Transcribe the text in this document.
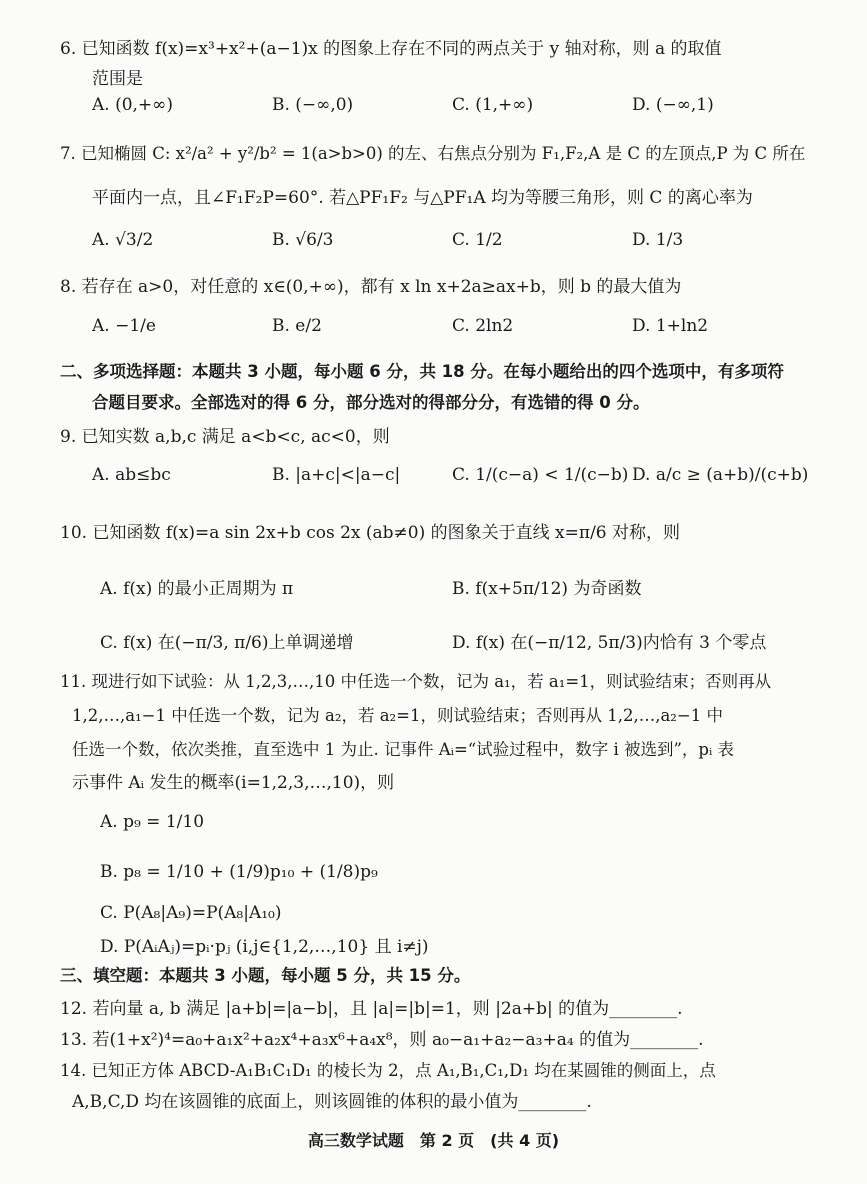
6. 已知函数 f(x)=x³+x²+(a−1)x 的图象上存在不同的两点关于 y 轴对称，则 a 的取值
范围是
A. (0,+∞)	B. (−∞,0)	C. (1,+∞)	D. (−∞,1)
7. 已知椭圆 C: x²/a² + y²/b² = 1(a>b>0) 的左、右焦点分别为 F₁,F₂,A 是 C 的左顶点,P 为 C 所在
平面内一点，且∠F₁F₂P=60°. 若△PF₁F₂ 与△PF₁A 均为等腰三角形，则 C 的离心率为
A. √3/2	B. √6/3	C. 1/2	D. 1/3
8. 若存在 a>0，对任意的 x∈(0,+∞)，都有 x ln x+2a≥ax+b，则 b 的最大值为
A. −1/e	B. e/2	C. 2ln2	D. 1+ln2
二、多项选择题：本题共 3 小题，每小题 6 分，共 18 分。在每小题给出的四个选项中，有多项符
合题目要求。全部选对的得 6 分，部分选对的得部分分，有选错的得 0 分。
9. 已知实数 a,b,c 满足 a<b<c, ac<0，则
A. ab≤bc	B. |a+c|<|a−c|	C. 1/(c−a) < 1/(c−b) D. a/c ≥ (a+b)/(c+b)
10. 已知函数 f(x)=a sin 2x+b cos 2x (ab≠0) 的图象关于直线 x=π/6 对称，则
A. f(x) 的最小正周期为 π	B. f(x+5π/12) 为奇函数
C. f(x) 在(−π/3, π/6)上单调递增	D. f(x) 在(−π/12, 5π/3)内恰有 3 个零点
11. 现进行如下试验：从 1,2,3,…,10 中任选一个数，记为 a₁，若 a₁=1，则试验结束；否则再从
1,2,…,a₁−1 中任选一个数，记为 a₂，若 a₂=1，则试验结束；否则再从 1,2,…,a₂−1 中
任选一个数，依次类推，直至选中 1 为止. 记事件 Aᵢ=“试验过程中，数字 i 被选到”，pᵢ 表
示事件 Aᵢ 发生的概率(i=1,2,3,…,10)，则
A. p₉ = 1/10
B. p₈ = 1/10 + (1/9)p₁₀ + (1/8)p₉
C. P(A₈|A₉)=P(A₈|A₁₀)
D. P(AᵢAⱼ)=pᵢ·pⱼ (i,j∈{1,2,…,10} 且 i≠j)
三、填空题：本题共 3 小题，每小题 5 分，共 15 分。
12. 若向量 a, b 满足 |a+b|=|a−b|，且 |a|=|b|=1，则 |2a+b| 的值为________.
13. 若(1+x²)⁴=a₀+a₁x²+a₂x⁴+a₃x⁶+a₄x⁸，则 a₀−a₁+a₂−a₃+a₄ 的值为________.
14. 已知正方体 ABCD-A₁B₁C₁D₁ 的棱长为 2，点 A₁,B₁,C₁,D₁ 均在某圆锥的侧面上，点
A,B,C,D 均在该圆锥的底面上，则该圆锥的体积的最小值为________.
高三数学试题　第 2 页　(共 4 页)
